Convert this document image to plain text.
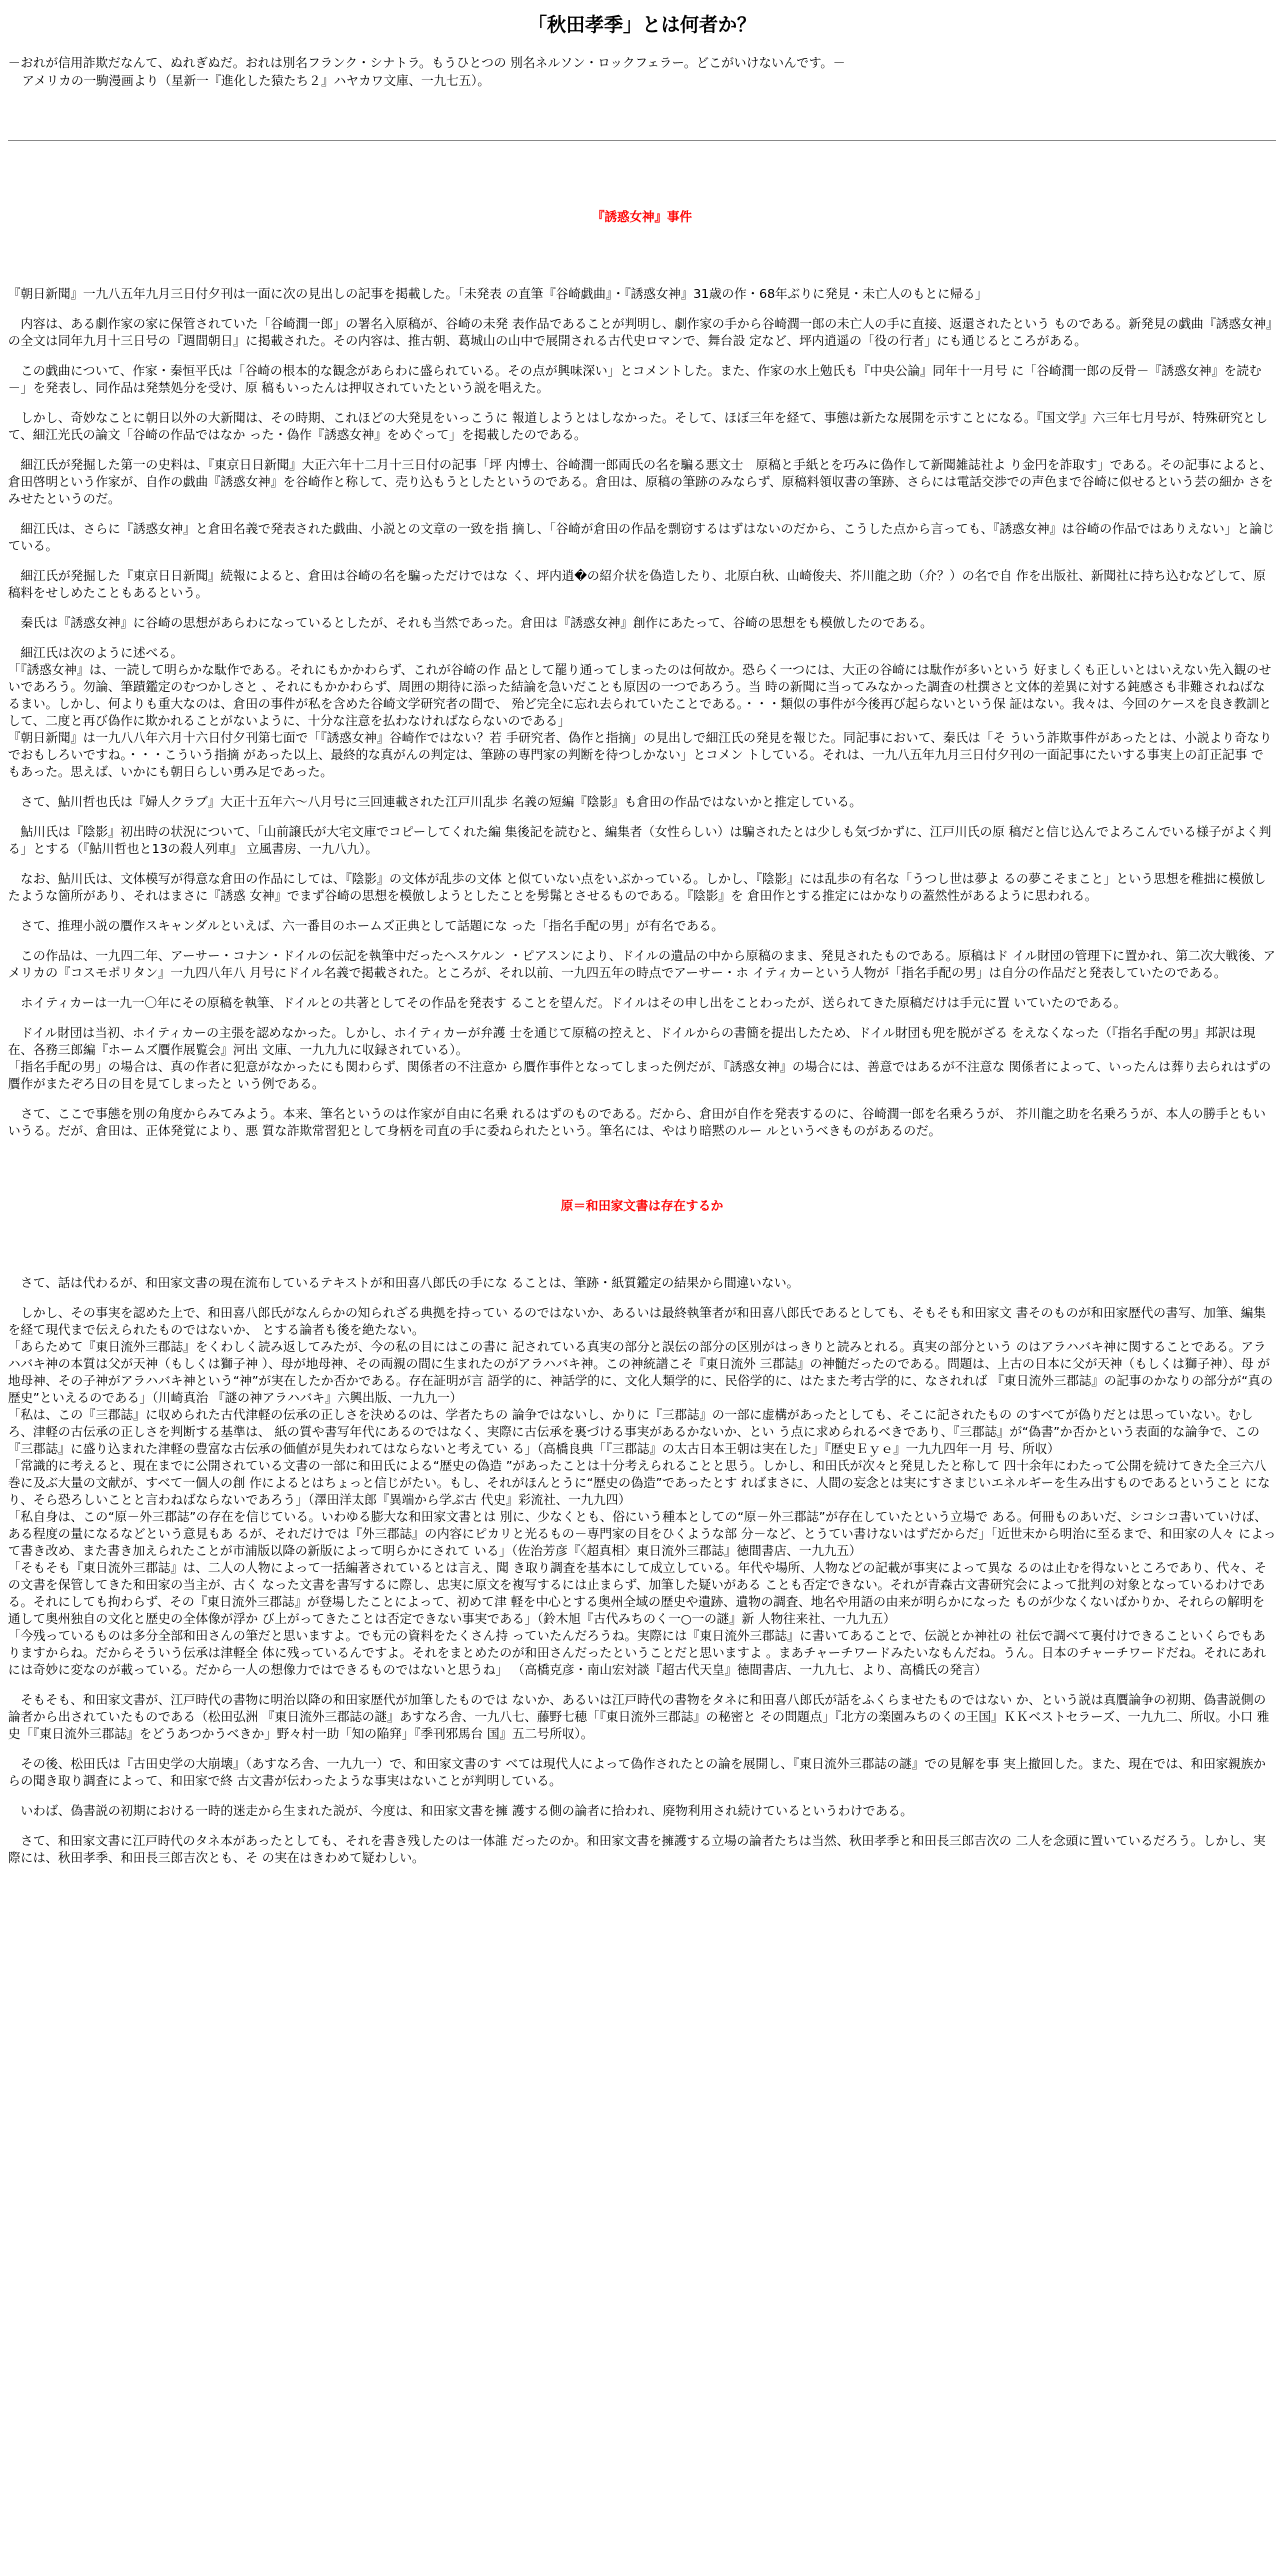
「秋田孝季」とは何者か？

－おれが信用詐欺だなんて、ぬれぎぬだ。おれは別名フランク・シナトラ。もうひとつの 別名ネルソン・ロックフェラー。どこがいけないんです。－

アメリカの一駒漫画より（星新一『進化した猿たち２』ハヤカワ文庫、一九七五）。

『誘惑女神』事件

『朝日新聞』一九八五年九月三日付夕刊は一面に次の見出しの記事を掲載した。「未発表 の直筆『谷崎戯曲』・『誘惑女神』31歳の作・68年ぶりに発見・未亡人のもとに帰る」

　内容は、ある劇作家の家に保管されていた「谷崎潤一郎」の署名入原稿が、谷崎の未発 表作品であることが判明し、劇作家の手から谷崎潤一郎の未亡人の手に直接、返還されたという ものである。新発見の戯曲『誘惑女神』の全文は同年九月十三日号の『週間朝日』に掲載された。その内容は、推古朝、葛城山の山中で展開される古代史ロマンで、舞台設 定など、坪内逍遥の「役の行者」にも通じるところがある。

　この戯曲について、作家・秦恒平氏は「谷崎の根本的な観念があらわに盛られている。その点が興味深い」とコメントした。また、作家の水上勉氏も『中央公論』同年十一月号 に「谷崎潤一郎の反骨－『誘惑女神』を読む－」を発表し、同作品は発禁処分を受け、原 稿もいったんは押収されていたという説を唱えた。

　しかし、奇妙なことに朝日以外の大新聞は、その時期、これほどの大発見をいっこうに 報道しようとはしなかった。そして、ほぼ三年を経て、事態は新たな展開を示すことになる。『国文学』六三年七月号が、特殊研究として、細江光氏の論文「谷崎の作品ではなか った・偽作『誘惑女神』をめぐって」を掲載したのである。

　細江氏が発掘した第一の史料は、『東京日日新聞』大正六年十二月十三日付の記事「坪 内博士、谷崎潤一郎両氏の名を騙る悪文士　原稿と手紙とを巧みに偽作して新聞雑誌社よ り金円を詐取す」である。その記事によると、倉田啓明という作家が、自作の戯曲『誘惑女神』を谷崎作と称して、売り込もうとしたというのである。倉田は、原稿の筆跡のみならず、原稿料領収書の筆跡、さらには電話交渉での声色まで谷崎に似せるという芸の細か さをみせたというのだ。

　細江氏は、さらに『誘惑女神』と倉田名義で発表された戯曲、小説との文章の一致を指 摘し、「谷崎が倉田の作品を剽窃するはずはないのだから、こうした点から言っても、『誘惑女神』は谷崎の作品ではありえない」と論じている。

　細江氏が発掘した『東京日日新聞』続報によると、倉田は谷崎の名を騙っただけではな く、坪内逍�の紹介状を偽造したり、北原白秋、山崎俊夫、芥川龍之助（介？）の名で自 作を出版社、新聞社に持ち込むなどして、原稿料をせしめたこともあるという。

　秦氏は『誘惑女神』に谷崎の思想があらわになっているとしたが、それも当然であった。倉田は『誘惑女神』創作にあたって、谷崎の思想をも模倣したのである。

　細江氏は次のように述べる。

「『誘惑女神』は、一読して明らかな駄作である。それにもかかわらず、これが谷崎の作 品として罷り通ってしまったのは何故か。恐らく一つには、大正の谷崎には駄作が多いという 好ましくも正しいとはいえない先入観のせいであろう。勿論、筆蹟鑑定のむつかしさと 、それにもかかわらず、周囲の期待に添った結論を急いだことも原因の一つであろう。当 時の新聞に当ってみなかった調査の杜撰さと文体的差異に対する鈍感さも非難されねばな るまい。しかし、何よりも重大なのは、倉田の事件が私を含めた谷崎文学研究者の間で、 殆ど完全に忘れ去られていたことである。・・・類似の事件が今後再び起らないという保 証はない。我々は、今回のケースを良き教訓として、二度と再び偽作に欺かれることがないように、十分な注意を払わなければならないのである」

『朝日新聞』は一九八八年六月十六日付夕刊第七面で「『誘惑女神』谷崎作ではない？若 手研究者、偽作と指摘」の見出しで細江氏の発見を報じた。同記事において、秦氏は「そ ういう詐欺事件があったとは、小説より奇なりでおもしろいですね。・・・こういう指摘 があった以上、最終的な真がんの判定は、筆跡の専門家の判断を待つしかない」とコメン トしている。それは、一九八五年九月三日付夕刊の一面記事にたいする事実上の訂正記事 でもあった。思えば、いかにも朝日らしい勇み足であった。

　さて、鮎川哲也氏は『婦人クラブ』大正十五年六～八月号に三回連載された江戸川乱歩 名義の短編『陰影』も倉田の作品ではないかと推定している。

　鮎川氏は『陰影』初出時の状況について、「山前譲氏が大宅文庫でコピーしてくれた編 集後記を読むと、編集者（女性らしい）は騙されたとは少しも気づかずに、江戸川氏の原 稿だと信じ込んでよろこんでいる様子がよく判る」とする（『鮎川哲也と13の殺人列車』 立風書房、一九八九）。

　なお、鮎川氏は、文体模写が得意な倉田の作品にしては、『陰影』の文体が乱歩の文体 と似ていない点をいぶかっている。しかし、『陰影』には乱歩の有名な「うつし世は夢よ るの夢こそまこと」という思想を稚拙に模倣したような箇所があり、それはまさに『誘惑 女神』でまず谷崎の思想を模倣しようとしたことを髣髴とさせるものである。『陰影』を 倉田作とする推定にはかなりの蓋然性があるように思われる。

　さて、推理小説の贋作スキャンダルといえば、六一番目のホームズ正典として話題にな った「指名手配の男」が有名である。

　この作品は、一九四二年、アーサー・コナン・ドイルの伝記を執筆中だったヘスケルン ・ピアスンにより、ドイルの遺品の中から原稿のまま、発見されたものである。原稿はド イル財団の管理下に置かれ、第二次大戦後、アメリカの『コスモポリタン』一九四八年八 月号にドイル名義で掲載された。ところが、それ以前、一九四五年の時点でアーサー・ホ イティカーという人物が「指名手配の男」は自分の作品だと発表していたのである。

　ホイティカーは一九一〇年にその原稿を執筆、ドイルとの共著としてその作品を発表す ることを望んだ。ドイルはその申し出をことわったが、送られてきた原稿だけは手元に置 いていたのである。

　ドイル財団は当初、ホイティカーの主張を認めなかった。しかし、ホイティカーが弁護 士を通じて原稿の控えと、ドイルからの書簡を提出したため、ドイル財団も兜を脱がざる をえなくなった（『指名手配の男』邦訳は現在、各務三郎編『ホームズ贋作展覧会』河出 文庫、一九九九に収録されている）。

「指名手配の男」の場合は、真の作者に犯意がなかったにも関わらず、関係者の不注意か ら贋作事件となってしまった例だが、『誘惑女神』の場合には、善意ではあるが不注意な 関係者によって、いったんは葬り去られはずの贋作がまたぞろ日の目を見てしまったと いう例である。

　さて、ここで事態を別の角度からみてみよう。本来、筆名というのは作家が自由に名乗 れるはずのものである。だから、倉田が自作を発表するのに、谷崎潤一郎を名乗ろうが、 芥川龍之助を名乗ろうが、本人の勝手ともいいうる。だが、倉田は、正体発覚により、悪 質な詐欺常習犯として身柄を司直の手に委ねられたという。筆名には、やはり暗黙のルー ルというべきものがあるのだ。

原＝和田家文書は存在するか

　さて、話は代わるが、和田家文書の現在流布しているテキストが和田喜八郎氏の手にな ることは、筆跡・紙質鑑定の結果から間違いない。

　しかし、その事実を認めた上で、和田喜八郎氏がなんらかの知られざる典拠を持ってい るのではないか、あるいは最終執筆者が和田喜八郎氏であるとしても、そもそも和田家文 書そのものが和田家歴代の書写、加筆、編集を経て現代まで伝えられたものではないか、 とする論者も後を絶たない。

「あらためて『東日流外三郡誌』をくわしく読み返してみたが、今の私の目にはこの書に 記されている真実の部分と誤伝の部分の区別がはっきりと読みとれる。真実の部分という のはアラハバキ神に関することである。アラハバキ神の本質は父が天神（もしくは獅子神 ）、母が地母神、その両親の間に生まれたのがアラハバキ神。この神統譜こそ『東日流外 三郡誌』の神髄だったのである。問題は、上古の日本に父が天神（もしくは獅子神）、母 が地母神、その子神がアラハバキ神という“神”が実在したか否かである。存在証明が言 語学的に、神話学的に、文化人類学的に、民俗学的に、はたまた考古学的に、なされれば 『東日流外三郡誌』の記事のかなりの部分が“真の歴史”といえるのである」（川崎真治 『謎の神アラハバキ』六興出版、一九九一）

「私は、この『三郡誌』に収められた古代津軽の伝承の正しさを決めるのは、学者たちの 論争ではないし、かりに『三郡誌』の一部に虚構があったとしても、そこに記されたもの のすべてが偽りだとは思っていない。むしろ、津軽の古伝承の正しさを判断する基準は、 紙の質や書写年代にあるのではなく、実際に古伝承を裏づける事実があるかないか、とい う点に求められるべきであり、『三郡誌』が“偽書”か否かという表面的な論争で、この 『三郡誌』に盛り込まれた津軽の豊富な古伝承の価値が見失われてはならないと考えてい る」（高橋良典「『三郡誌』の太古日本王朝は実在した」『歴史Ｅｙｅ』一九九四年一月 号、所収）

「常識的に考えると、現在までに公開されている文書の一部に和田氏による“歴史の偽造 ”があったことは十分考えられることと思う。しかし、和田氏が次々と発見したと称して 四十余年にわたって公開を続けてきた全三六八巻に及ぶ大量の文献が、すべて一個人の創 作によるとはちょっと信じがたい。もし、それがほんとうに“歴史の偽造”であったとす ればまさに、人間の妄念とは実にすさまじいエネルギーを生み出すものであるということ になり、そら恐ろしいことと言わねばならないであろう」（澤田洋太郎『異端から学ぶ古 代史』彩流社、一九九四）

「私自身は、この“原－外三郡誌”の存在を信じている。いわゆる膨大な和田家文書とは 別に、少なくとも、俗にいう種本としての“原－外三郡誌”が存在していたという立場で ある。何冊ものあいだ、シコシコ書いていけば、ある程度の量になるなどという意見もあ るが、それだけでは『外三郡誌』の内容にピカリと光るもの－専門家の目をひくような部 分－など、とうてい書けないはずだからだ」「近世末から明治に至るまで、和田家の人々 によって書き改め、また書き加えられたことが市浦版以降の新版によって明らかにされて いる」（佐治芳彦『〈超真相〉東日流外三郡誌』徳間書店、一九九五）

「そもそも『東日流外三郡誌』は、二人の人物によって一括編著されているとは言え、聞 き取り調査を基本にして成立している。年代や場所、人物などの記載が事実によって異な るのは止むを得ないところであり、代々、その文書を保管してきた和田家の当主が、古く なった文書を書写するに際し、忠実に原文を複写するには止まらず、加筆した疑いがある ことも否定できない。それが青森古文書研究会によって批判の対象となっているわけであ る。それにしても拘わらず、その『東日流外三郡誌』が登場したことによって、初めて津 軽を中心とする奥州全域の歴史や遺跡、遺物の調査、地名や用語の由来が明らかになった ものが少なくないばかりか、それらの解明を通して奥州独自の文化と歴史の全体像が浮か び上がってきたことは否定できない事実である」（鈴木旭『古代みちのく一○一の謎』新 人物往来社、一九九五）

「今残っているものは多分全部和田さんの筆だと思いますよ。でも元の資料をたくさん持 っていたんだろうね。実際には『東日流外三郡誌』に書いてあることで、伝説とか神社の 社伝で調べて裏付けできることいくらでもありますからね。だからそういう伝承は津軽全 体に残っているんですよ。それをまとめたのが和田さんだったということだと思いますよ 。まあチャーチワードみたいなもんだね。うん。日本のチャーチワードだね。それにあれ には奇妙に変なのが載っている。だから一人の想像力ではできるものではないと思うね」 （高橋克彦・南山宏対談『超古代天皇』徳間書店、一九九七、より、高橋氏の発言）

　そもそも、和田家文書が、江戸時代の書物に明治以降の和田家歴代が加筆したものでは ないか、あるいは江戸時代の書物をタネに和田喜八郎氏が話をふくらませたものではない か、という説は真贋論争の初期、偽書説側の論者から出されていたものである（松田弘洲 『東日流外三郡誌の謎』あすなろ舎、一九八七、藤野七穂「『東日流外三郡誌』の秘密と その問題点」『北方の楽園みちのくの王国』ＫＫベストセラーズ、一九九二、所収。小口 雅史「『東日流外三郡誌』をどうあつかうべきか」野々村一助「知の陥穽」『季刊邪馬台 国』五二号所収）。

　その後、松田氏は『古田史学の大崩壊』（あすなろ舎、一九九一）で、和田家文書のす べては現代人によって偽作されたとの論を展開し、『東日流外三郡誌の謎』での見解を事 実上撤回した。また、現在では、和田家親族からの聞き取り調査によって、和田家で終 古文書が伝わったような事実はないことが判明している。

　いわば、偽書説の初期における一時的迷走から生まれた説が、今度は、和田家文書を擁 護する側の論者に拾われ、廃物利用され続けているというわけである。

　さて、和田家文書に江戸時代のタネ本があったとしても、それを書き残したのは一体誰 だったのか。和田家文書を擁護する立場の論者たちは当然、秋田孝季と和田長三郎吉次の 二人を念頭に置いているだろう。しかし、実際には、秋田孝季、和田長三郎吉次とも、そ の実在はきわめて疑わしい。
